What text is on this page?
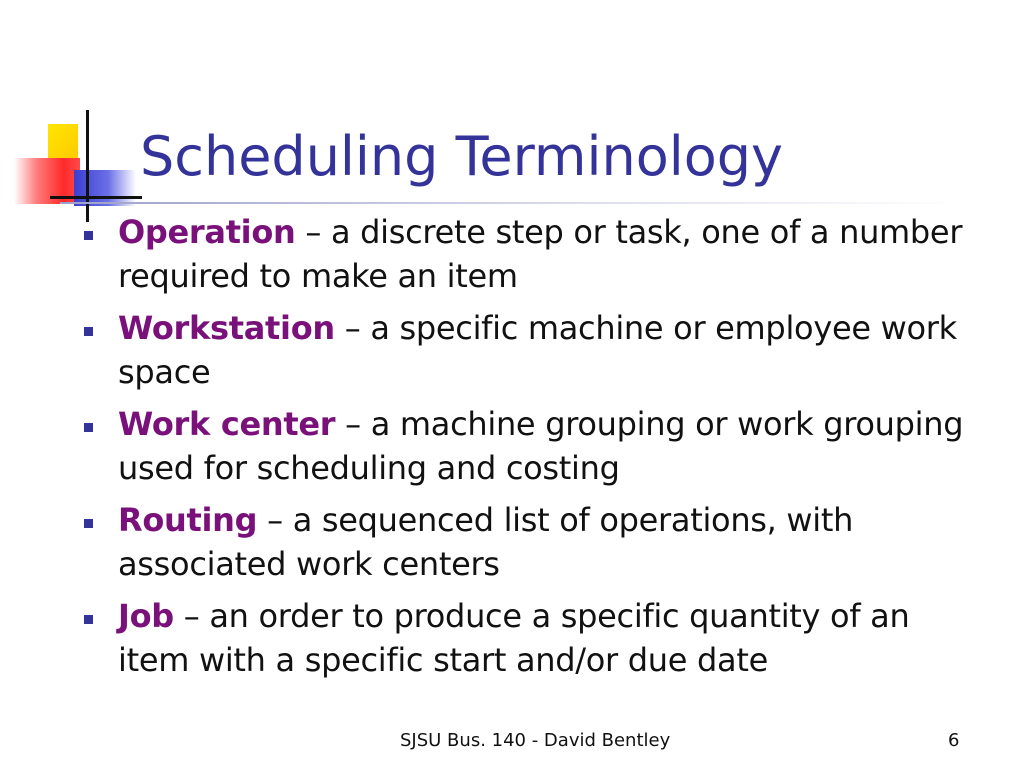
Scheduling Terminology
Operation – a discrete step or task, one of a number required to make an item
Workstation – a specific machine or employee work space
Work center – a machine grouping or work grouping used for scheduling and costing
Routing – a sequenced list of operations, with associated work centers
Job – an order to produce a specific quantity of an item with a specific start and/or due date
SJSU Bus. 140 - David Bentley	6
